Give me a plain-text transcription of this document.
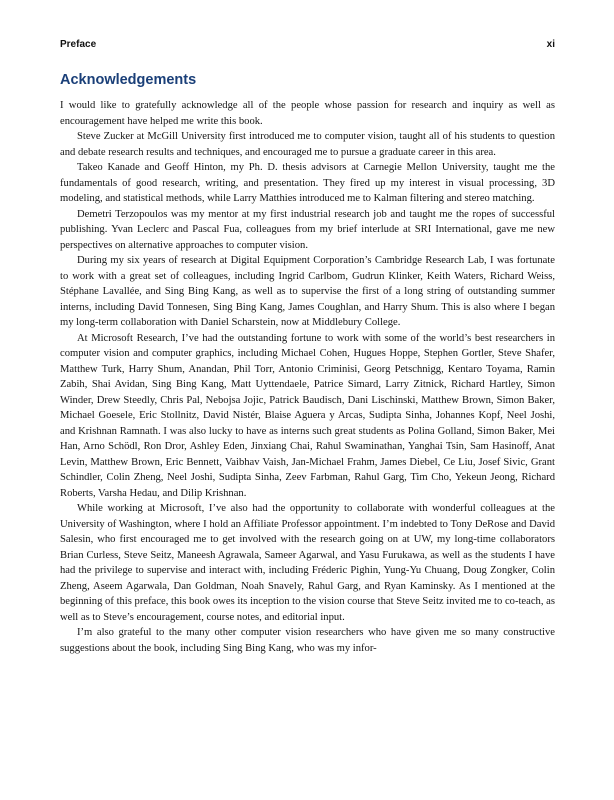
Preface	xi
Acknowledgements

I would like to gratefully acknowledge all of the people whose passion for research and inquiry as well as encouragement have helped me write this book.

Steve Zucker at McGill University first introduced me to computer vision, taught all of his students to question and debate research results and techniques, and encouraged me to pursue a graduate career in this area.

Takeo Kanade and Geoff Hinton, my Ph. D. thesis advisors at Carnegie Mellon University, taught me the fundamentals of good research, writing, and presentation. They fired up my interest in visual processing, 3D modeling, and statistical methods, while Larry Matthies introduced me to Kalman filtering and stereo matching.

Demetri Terzopoulos was my mentor at my first industrial research job and taught me the ropes of successful publishing. Yvan Leclerc and Pascal Fua, colleagues from my brief interlude at SRI International, gave me new perspectives on alternative approaches to computer vision.

During my six years of research at Digital Equipment Corporation’s Cambridge Research Lab, I was fortunate to work with a great set of colleagues, including Ingrid Carlbom, Gudrun Klinker, Keith Waters, Richard Weiss, Stéphane Lavallée, and Sing Bing Kang, as well as to supervise the first of a long string of outstanding summer interns, including David Tonnesen, Sing Bing Kang, James Coughlan, and Harry Shum. This is also where I began my long-term collaboration with Daniel Scharstein, now at Middlebury College.

At Microsoft Research, I’ve had the outstanding fortune to work with some of the world’s best researchers in computer vision and computer graphics, including Michael Cohen, Hugues Hoppe, Stephen Gortler, Steve Shafer, Matthew Turk, Harry Shum, Anandan, Phil Torr, Antonio Criminisi, Georg Petschnigg, Kentaro Toyama, Ramin Zabih, Shai Avidan, Sing Bing Kang, Matt Uyttendaele, Patrice Simard, Larry Zitnick, Richard Hartley, Simon Winder, Drew Steedly, Chris Pal, Nebojsa Jojic, Patrick Baudisch, Dani Lischinski, Matthew Brown, Simon Baker, Michael Goesele, Eric Stollnitz, David Nistér, Blaise Aguera y Arcas, Sudipta Sinha, Johannes Kopf, Neel Joshi, and Krishnan Ramnath. I was also lucky to have as interns such great students as Polina Golland, Simon Baker, Mei Han, Arno Schödl, Ron Dror, Ashley Eden, Jinxiang Chai, Rahul Swaminathan, Yanghai Tsin, Sam Hasinoff, Anat Levin, Matthew Brown, Eric Bennett, Vaibhav Vaish, Jan-Michael Frahm, James Diebel, Ce Liu, Josef Sivic, Grant Schindler, Colin Zheng, Neel Joshi, Sudipta Sinha, Zeev Farbman, Rahul Garg, Tim Cho, Yekeun Jeong, Richard Roberts, Varsha Hedau, and Dilip Krishnan.

While working at Microsoft, I’ve also had the opportunity to collaborate with wonderful colleagues at the University of Washington, where I hold an Affiliate Professor appointment. I’m indebted to Tony DeRose and David Salesin, who first encouraged me to get involved with the research going on at UW, my long-time collaborators Brian Curless, Steve Seitz, Maneesh Agrawala, Sameer Agarwal, and Yasu Furukawa, as well as the students I have had the privilege to supervise and interact with, including Fréderic Pighin, Yung-Yu Chuang, Doug Zongker, Colin Zheng, Aseem Agarwala, Dan Goldman, Noah Snavely, Rahul Garg, and Ryan Kaminsky. As I mentioned at the beginning of this preface, this book owes its inception to the vision course that Steve Seitz invited me to co-teach, as well as to Steve’s encouragement, course notes, and editorial input.

I’m also grateful to the many other computer vision researchers who have given me so many constructive suggestions about the book, including Sing Bing Kang, who was my infor-
